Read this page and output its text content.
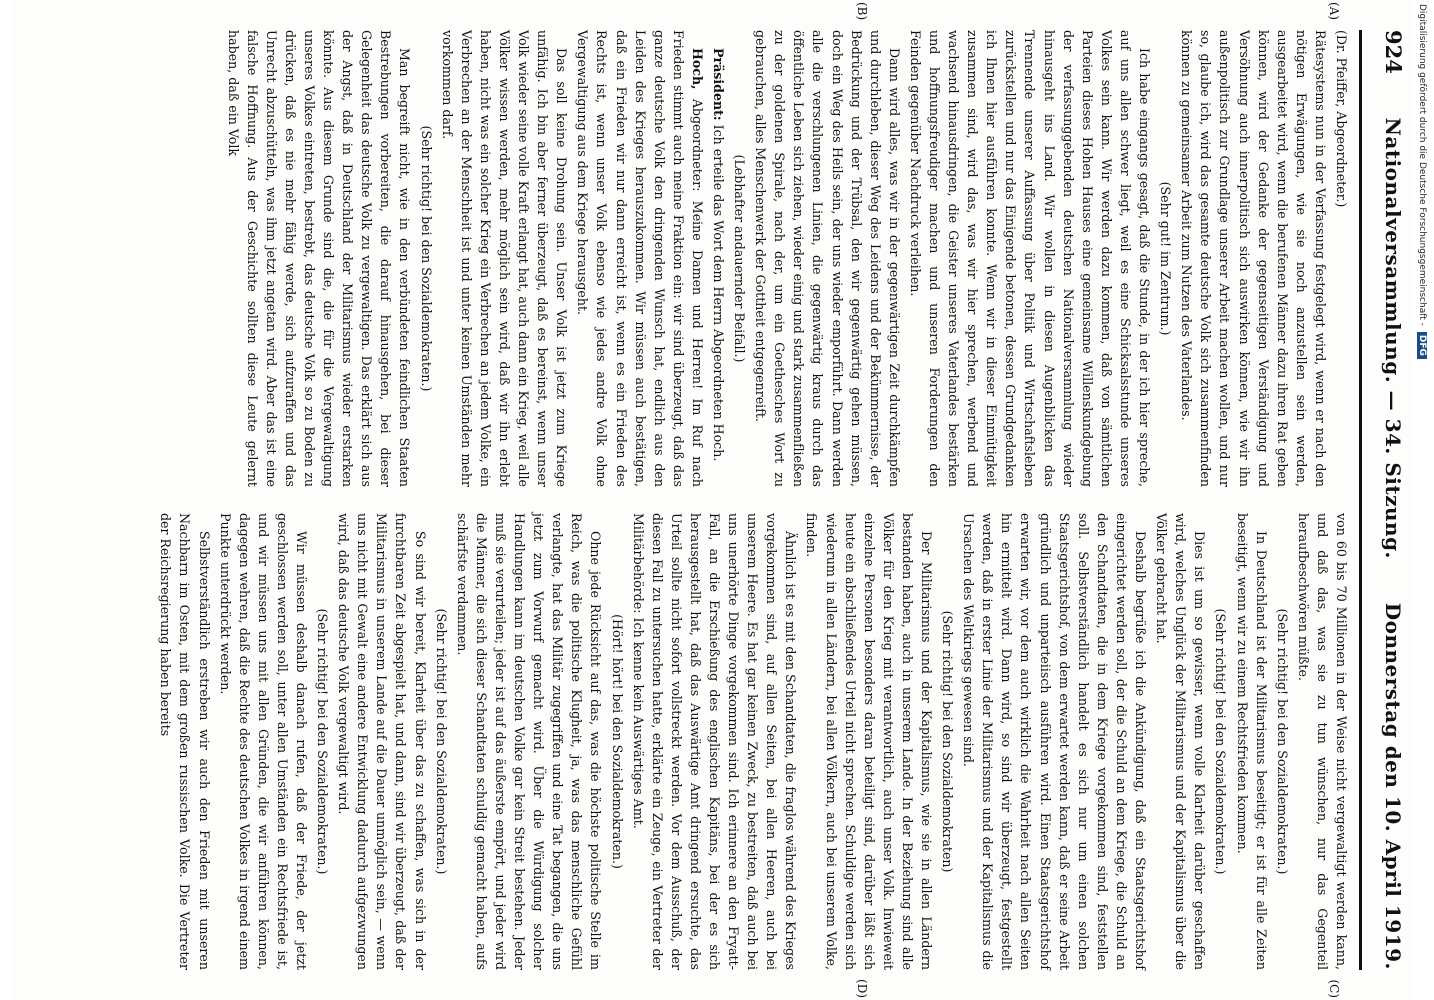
924
Nationalversammlung. — 34. Sitzung.
Donnerstag den 10. April 1919.
(A)
(B)

(Dr. Pfeiffer, Abgeordneter.)

Rätesystems nun in der Verfassung festgelegt wird, wenn er nach den nötigen Erwägungen, wie sie noch anzustellen sein werden, ausgearbeitet wird, wenn die berufenen Männer dazu ihren Rat geben können, wird der Gedanke der gegenseitigen Verständigung und Versöhnung auch innerpolitisch sich auswirken können, wie wir ihn außenpolitisch zur Grundlage unserer Arbeit machen wollen, und nur so, glaube ich, wird das gesamte deutsche Volk sich zusammenfinden können zu gemeinsamer Arbeit zum Nutzen des Vaterlandes.

(Sehr gut! im Zentrum.)

Ich habe eingangs gesagt, daß die Stunde, in der ich hier spreche, auf uns allen schwer liegt, weil es eine Schicksalsstunde unseres Volkes sein kann. Wir werden dazu kommen, daß von sämtlichen Parteien dieses Hohen Hauses eine gemeinsame Willenskundgebung der verfassunggebenden deutschen Nationalversammlung wieder hinausgeht ins Land. Wir wollen in diesen Augenblicken das Trennende unserer Auffassung über Politik und Wirtschaftsleben zurückstellen und nur das Einigende betonen, dessen Grundgedanken ich Ihnen hier ausführen konnte. Wenn wir in dieser Einmütigkeit zusammen sind, wird das, was wir hier sprechen, werbend und wachsend hinausdringen, die Geister unseres Vaterlandes bestärken und hoffnungsfreudiger machen und unseren Forderungen den Feinden gegenüber Nachdruck verleihen.

Dann wird alles, was wir in der gegenwärtigen Zeit durchkämpfen und durchleben, dieser Weg des Leidens und der Bekümmernisse, der Bedrückung und der Trübsal, den wir gegenwärtig gehen müssen, doch ein Weg des Heils sein, der uns wieder emporführt. Dann werden alle die verschlungenen Linien, die gegenwärtig kraus durch das öffentliche Leben sich ziehen, wieder einig und stark zusammenfließen zu der goldenen Spirale, nach der, um ein Goethesches Wort zu gebrauchen, alles Menschenwerk der Gottheit entgegenreift.

(Lebhafter andauernder Beifall.)

Präsident: Ich erteile das Wort dem Herrn Abgeordneten Hoch.

Hoch, Abgeordneter: Meine Damen und Herren! Im Ruf nach Frieden stimmt auch meine Fraktion ein: wir sind überzeugt, daß das ganze deutsche Volk den dringenden Wunsch hat, endlich aus den Leiden des Krieges herauszukommen. Wir müssen auch bestätigen, daß ein Frieden wir nur dann erreicht ist, wenn es ein Frieden des Rechts ist, wenn unser Volk ebenso wie jedes andre Volk ohne Vergewaltigung aus dem Kriege herausgeht.

Das soll keine Drohung sein. Unser Volk ist jetzt zum Kriege unfähig. Ich bin aber ferner überzeugt, daß es bereinst, wenn unser Volk wieder seine volle Kraft erlangt hat, auch dann ein Krieg, weil alle Völker wissen werden, mehr möglich sein wird, daß wir ihn erlebt haben, nicht was ein solcher Krieg ein Verbrechen an jedem Volke, ein Verbrechen an der Menschheit ist und unter keinen Umständen mehr vorkommen darf.

(Sehr richtig! bei den Sozialdemokraten.)

Man begreift nicht, wie in den verbündeten feindlichen Staaten Bestrebungen vorbereiten, die darauf hinausgehen, bei dieser Gelegenheit das deutsche Volk zu vergewaltigen. Das erklärt sich aus der Angst, daß in Deutschland der Militarismus wieder erstarken könnte. Aus diesem Grunde sind die, die für die Vergewaltigung unseres Volkes eintreten, bestrebt, das deutsche Volk so zu Boden zu drücken, daß es nie mehr fähig werde, sich aufzuraffen und das Unrecht abzuschütteln, was ihm jetzt angetan wird. Aber das ist eine falsche Hoffnung. Aus der Geschichte sollten diese Leute gelernt haben, daß ein Volk

(C)
(D)

von 60 bis 70 Millionen in der Weise nicht vergewaltigt werden kann, und daß das, was sie zu tun wünschen, nur das Gegenteil heraufbeschwören müßte.

(Sehr richtig! bei den Sozialdemokraten.)

In Deutschland ist der Militarismus beseitigt; er ist für alle Zeiten beseitigt, wenn wir zu einem Rechtsfrieden kommen.

(Sehr richtig! bei den Sozialdemokraten.)

Dies ist um so gewisser, wenn volle Klarheit darüber geschaffen wird, welches Unglück der Militarismus und der Kapitalismus über die Völker gebracht hat.

Deshalb begrüße ich die Ankündigung, daß ein Staatsgerichtshof eingerichtet werden soll, der die Schuld an dem Kriege, die Schuld an den Schandtaten, die in dem Kriege vorgekommen sind, feststellen soll. Selbstverständlich handelt es sich nur um einen solchen Staatsgerichtshof, von dem erwartet werden kann, daß er seine Arbeit gründlich und unparteiisch ausführen wird. Einen Staatsgerichtshof erwarten wir, vor dem auch wirklich die Wahrheit nach allen Seiten hin ermittelt wird. Dann wird, so sind wir überzeugt, festgestellt werden, daß in erster Linie der Militarismus und der Kapitalismus die Ursachen des Weltkriegs gewesen sind.

(Sehr richtig! bei den Sozialdemokraten)

Der Militarismus und der Kapitalismus, wie sie in allen Ländern bestanden haben, auch in unserem Lande. In der Beziehung sind alle Völker für den Krieg mit verantwortlich, auch unser Volk. Inwieweit einzelne Personen besonders daran beteiligt sind, darüber läßt sich heute ein abschließendes Urteil nicht sprechen. Schuldige werden sich wiederum in allen Ländern, bei allen Völkern, auch bei unserem Volke, finden.

Ähnlich ist es mit den Schandtaten, die fraglos während des Krieges vorgekommen sind, auf allen Seiten, bei allen Heeren, auch bei unserem Heere. Es hat gar keinen Zweck, zu bestreiten, daß auch bei uns unerhörte Dinge vorgekommen sind. Ich erinnere an den Fryatt-Fall, an die Erschießung des englischen Kapitäns, bei der es sich herausgestellt hat, daß das Auswärtige Amt dringend ersuchte, das Urteil sollte nicht sofort vollstreckt werden. Vor dem Ausschuß, der diesen Fall zu untersuchen hatte, erklärte ein Zeuge, ein Vertreter der Militärbehörde: Ich kenne kein Auswärtiges Amt.

(Hört! hört! bei den Sozialdemokraten.)

Ohne jede Rücksicht auf das, was die höchste politische Stelle im Reich, was die politische Klugheit, ja, was das menschliche Gefühl verlangte, hat das Militär zugegriffen und eine Tat begangen, die uns jetzt zum Vorwurf gemacht wird. Über die Würdigung solcher Handlungen kann im deutschen Volke gar kein Streit bestehen. Jeder muß sie verurteilen; jeder ist auf das äußerste empört, und jeder wird die Männer, die sich dieser Schandtaten schuldig gemacht haben, aufs schärfste verdammen.

(Sehr richtig! bei den Sozialdemokraten.)

So sind wir bereit, Klarheit über das zu schaffen, was sich in der furchtbaren Zeit abgespielt hat, und dann, sind wir überzeugt, daß der Militarismus in unserem Lande auf die Dauer unmöglich sein, — wenn uns nicht mit Gewalt eine andere Entwicklung dadurch aufgezwungen wird, daß das deutsche Volk vergewaltigt wird.

(Sehr richtig! bei den Sozialdemokraten.)

Wir müssen deshalb danach rufen, daß der Friede, der jetzt geschlossen werden soll, unter allen Umständen ein Rechtsfriede ist, und wir müssen uns mit allen Gründen, die wir anführen können, dagegen wehren, daß die Rechte des deutschen Volkes in irgend einem Punkte unterdrückt werden.

Selbstverständlich erstreben wir auch den Frieden mit unseren Nachbarn im Osten, mit dem großen russischen Volke. Die Vertreter der Reichsregierung haben bereits

Digitalisierung gefördert durch die Deutsche Forschungsgemeinschaft -
DFG
